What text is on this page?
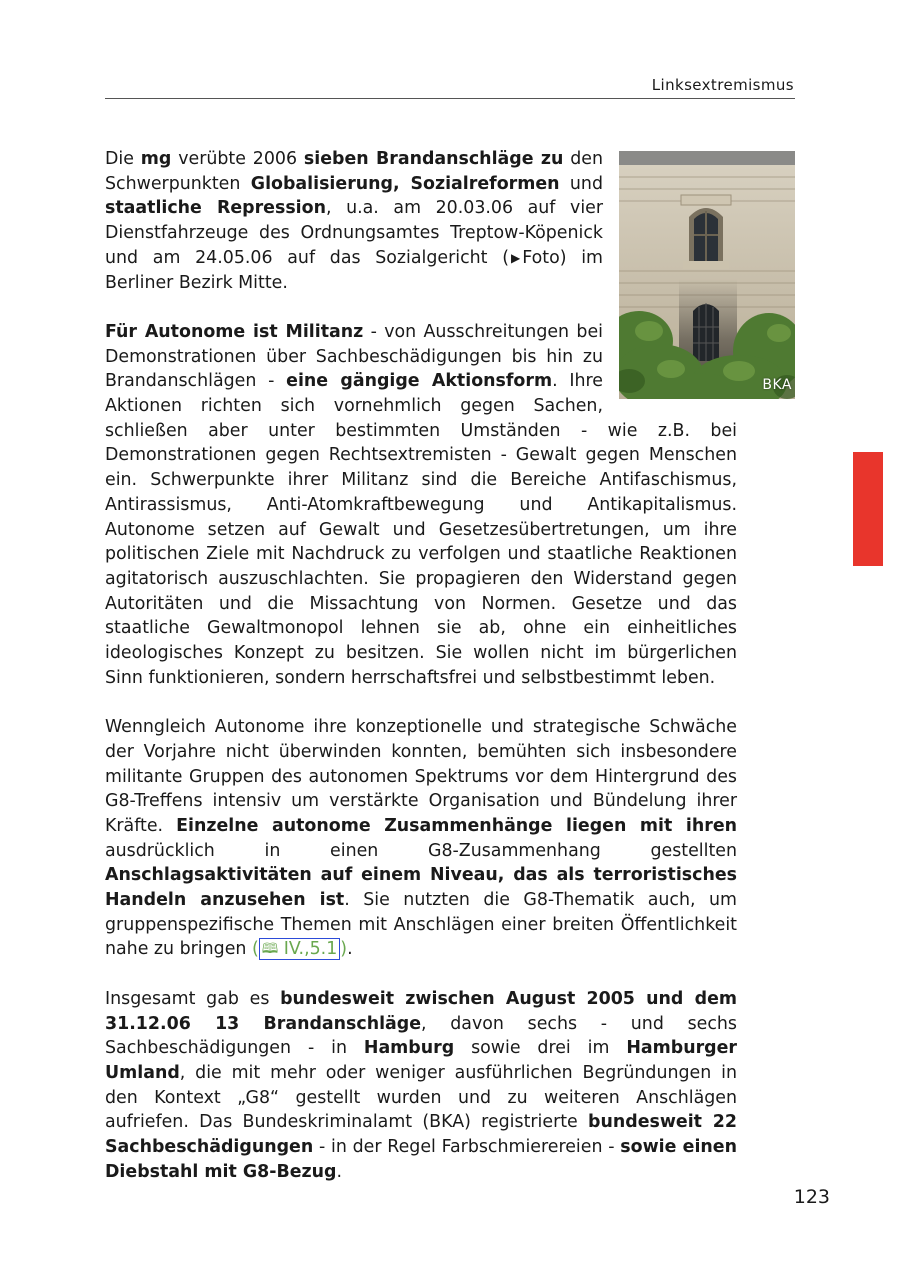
Linksextremismus
BKA

Die mg verübte 2006 sieben Brandanschläge zu den Schwerpunkten Globalisierung, Sozialreformen und staatliche Repression, u.a. am 20.03.06 auf vier Dienstfahrzeuge des Ordnungsamtes Treptow-Köpenick und am 24.05.06 auf das Sozialgericht ( ▶ Foto) im Berliner Bezirk Mitte.

Für Autonome ist Militanz - von Ausschreitungen bei Demonstrationen über Sachbeschädigungen bis hin zu Brandanschlägen - eine gängige Aktionsform. Ihre Aktionen richten sich vornehmlich gegen Sachen, schließen aber unter bestimmten Umständen - wie z.B. bei Demonstrationen gegen Rechtsextremisten - Gewalt gegen Menschen ein. Schwerpunkte ihrer Militanz sind die Bereiche Antifaschismus, Antirassismus, Anti-Atomkraftbewegung und Antikapitalismus. Autonome setzen auf Gewalt und Gesetzesübertretungen, um ihre politischen Ziele mit Nachdruck zu verfolgen und staatliche Reaktionen agitatorisch auszuschlachten. Sie propagieren den Widerstand gegen Autoritäten und die Missachtung von Normen. Gesetze und das staatliche Gewaltmonopol lehnen sie ab, ohne ein einheitliches ideologisches Konzept zu besitzen. Sie wollen nicht im bürgerlichen Sinn funktionieren, sondern herrschaftsfrei und selbstbestimmt leben.

Wenngleich Autonome ihre konzeptionelle und strategische Schwäche der Vorjahre nicht überwinden konnten, bemühten sich insbesondere militante Gruppen des autonomen Spektrums vor dem Hintergrund des G8-Treffens intensiv um verstärkte Organisation und Bündelung ihrer Kräfte. Einzelne autonome Zusammenhänge liegen mit ihren ausdrücklich in einen G8-Zusammenhang gestellten Anschlagsaktivitäten auf einem Niveau, das als terroristisches Handeln anzusehen ist. Sie nutzten die G8-Thematik auch, um gruppenspezifische Themen mit Anschlägen einer breiten Öffentlichkeit nahe zu bringen ( 🕮 IV.,5.1 ).

Insgesamt gab es bundesweit zwischen August 2005 und dem 31.12.06 13 Brandanschläge, davon sechs - und sechs Sachbeschädigungen - in Hamburg sowie drei im Hamburger Umland, die mit mehr oder weniger ausführlichen Begründungen in den Kontext „G8“ gestellt wurden und zu weiteren Anschlägen aufriefen. Das Bundeskriminalamt (BKA) registrierte bundesweit 22 Sachbeschädigungen - in der Regel Farbschmierereien - sowie einen Diebstahl mit G8-Bezug.

123
